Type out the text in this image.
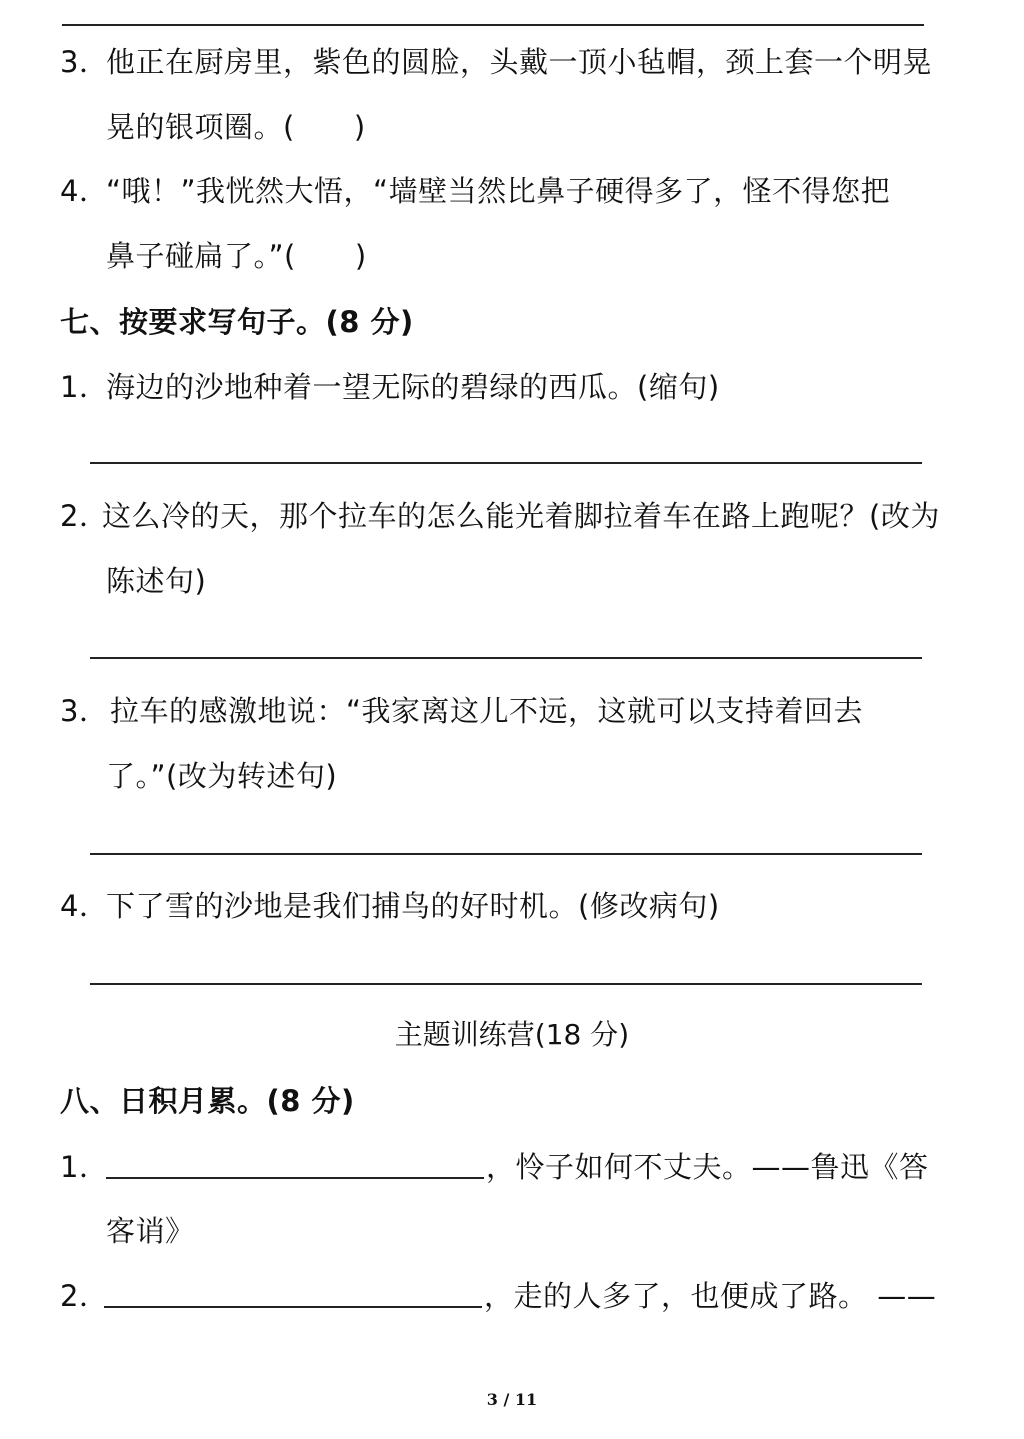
3．
他正在厨房里，紫色的圆脸，头戴一顶小毡帽，颈上套一个明晃
晃的银项圈。(　　)
4．
“哦！”我恍然大悟，“墙壁当然比鼻子硬得多了，怪不得您把
鼻子碰扁了。”(　　)
七、按要求写句子。(8 分)
1．
海边的沙地种着一望无际的碧绿的西瓜。(缩句)
2．
这么冷的天，那个拉车的怎么能光着脚拉着车在路上跑呢？(改为
陈述句)
3． 拉车的感激地说：“我家离这儿不远，这就可以支持着回去
了。”(改为转述句)
4．
下了雪的沙地是我们捕鸟的好时机。(修改病句)
主题训练营(18 分)
八、日积月累。(8 分)
1．	，怜子如何不丈夫。——鲁迅《答
客诮》
2．	，走的人多了，也便成了路。 ——
3 / 11
